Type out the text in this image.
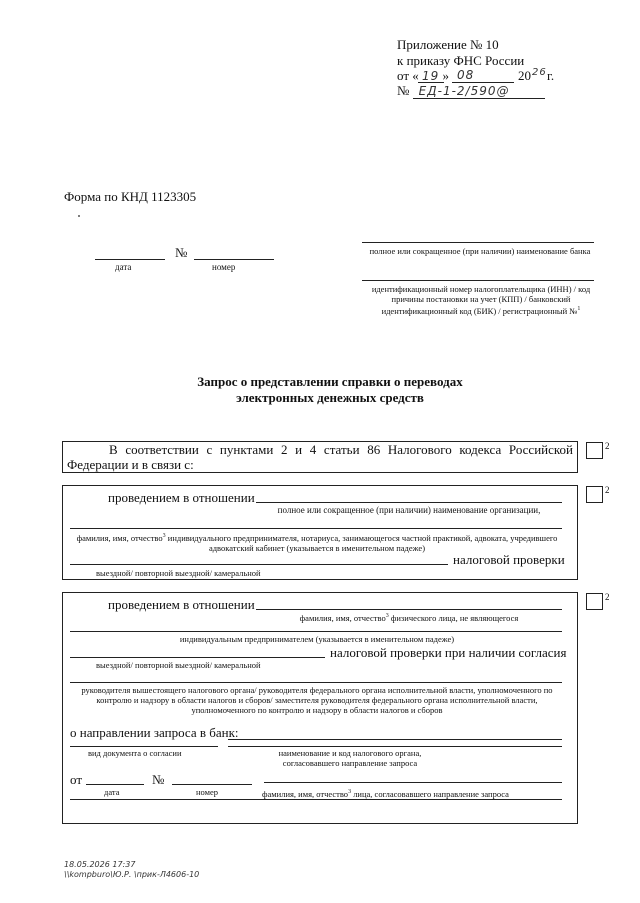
Приложение № 10
к приказу ФНС России
от « 19 » 08	20 26 г.
№ ЕД-1-2/590@
Форма по КНД 1123305
№
дата	номер
полное или сокращенное (при наличии) наименование банка
идентификационный номер налогоплательщика (ИНН) / код причины постановки на учет (КПП) / банковский идентификационный код (БИК) / регистрационный №$^1$
Запрос о представлении справки о переводах
электронных денежных средств
В соответствии с пунктами 2 и 4 статьи 86 Налогового кодекса Российской Федерации и в связи с:
2
проведением в отношении
полное или сокращенное (при наличии) наименование организации,
фамилия, имя, отчество$^3$ индивидуального предпринимателя, нотариуса, занимающегося частной практикой, адвоката, учредившего адвокатский кабинет (указывается в именительном падеже)
налоговой проверки
выездной/ повторной выездной/ камеральной
2
проведением в отношении
фамилия, имя, отчество$^3$ физического лица, не являющегося
индивидуальным предпринимателем (указывается в именительном падеже)
налоговой проверки при наличии согласия
выездной/ повторной выездной/ камеральной
руководителя вышестоящего налогового органа/ руководителя федерального органа исполнительной власти, уполномоченного по контролю и надзору в области налогов и сборов/ заместителя руководителя федерального органа исполнительной власти, уполномоченного по контролю и надзору в области налогов и сборов
о направлении запроса в банк:
вид документа о согласии	наименование и код налогового органа, согласовавшего направление запроса
от	№
дата	номер	фамилия, имя, отчество$^3$ лица, согласовавшего направление запроса
2
18.05.2026 17:37
\\kompburo\Ю.Р. \прик-Л4606-10
